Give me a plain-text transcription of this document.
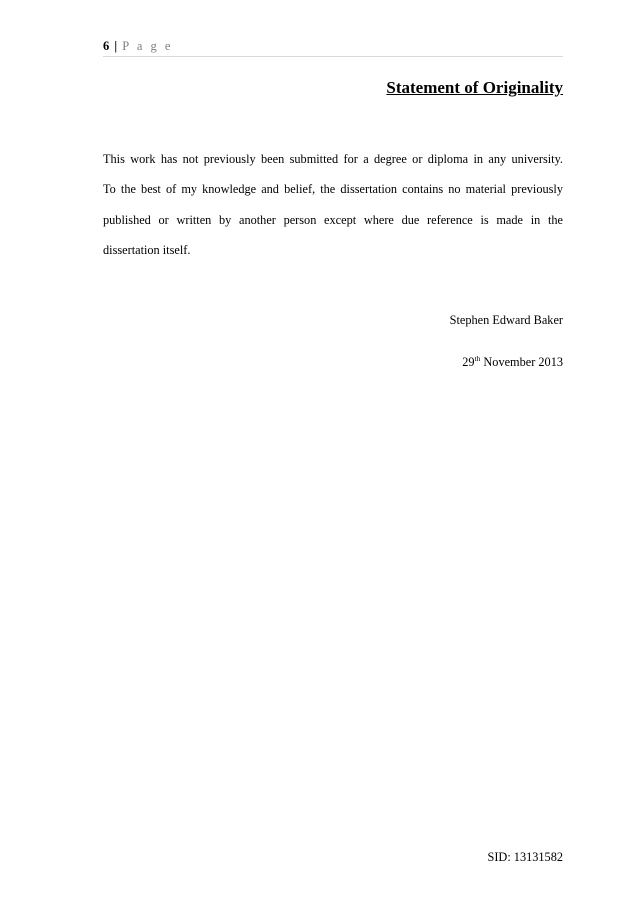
6 | P a g e
Statement of Originality

This work has not previously been submitted for a degree or diploma in any university.
To the best of my knowledge and belief, the dissertation contains no material previously
published or written by another person except where due reference is made in the
dissertation itself.

Stephen Edward Baker
29th November 2013
SID: 13131582
